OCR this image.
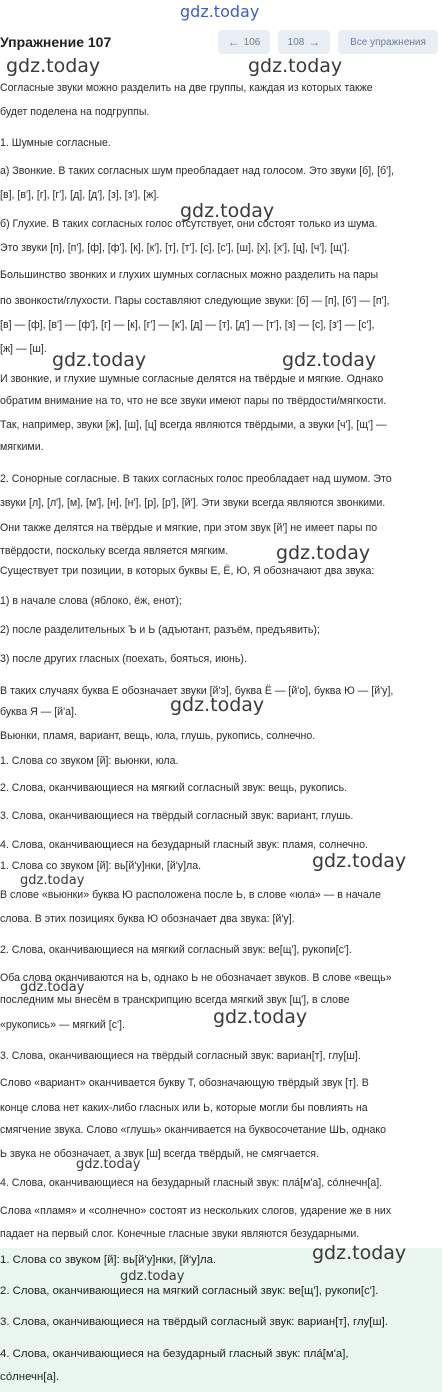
gdz.today
gdz.today	gdz.today
gdz.today
gdz.today	gdz.today
gdz.today
gdz.today
gdz.today
gdz.today
gdz.today
gdz.today
gdz.today
gdz.today
gdz.today
Упражнение 107	← 106	108 →	Все упражнения
Согласные звуки можно разделить на две группы, каждая из которых также
будет поделена на подгруппы.
1. Шумные согласные.
а) Звонкие. В таких согласных шум преобладает над голосом. Это звуки [б], [б'],
[в], [в'], [г], [г'], [д], [д'], [з], [з'], [ж].
б) Глухие. В таких согласных голос отсутствует, они состоят только из шума.
Это звуки [п], [п'], [ф], [ф'], [к], [к'], [т], [т'], [с], [с'], [ш], [х], [х'], [ц], [ч'], [щ'].
Большинство звонких и глухих шумных согласных можно разделить на пары
по звонкости/глухости. Пары составляют следующие звуки: [б] — [п], [б'] — [п'],
[в] — [ф], [в'] — [ф'], [г] — [к], [г'] — [к'], [д] — [т], [д'] — [т'], [з] — [с], [з'] — [с'],
[ж] — [ш].
И звонкие, и глухие шумные согласные делятся на твёрдые и мягкие. Однако
обратим внимание на то, что не все звуки имеют пары по твёрдости/мягкости.
Так, например, звуки [ж], [ш], [ц] всегда являются твёрдыми, а звуки [ч'], [щ'] —
мягкими.
2. Сонорные согласные. В таких согласных голос преобладает над шумом. Это
звуки [л], [л'], [м], [м'], [н], [н'], [р], [р'], [й']. Эти звуки всегда являются звонкими.
Они также делятся на твёрдые и мягкие, при этом звук [й'] не имеет пары по
твёрдости, поскольку всегда является мягким.
Существует три позиции, в которых буквы Е, Ё, Ю, Я обозначают два звука:
1) в начале слова (яблоко, ёж, енот);
2) после разделительных Ъ и Ь (адъютант, разъём, предъявить);
3) после других гласных (поехать, бояться, июнь).
В таких случаях буква Е обозначает звуки [й'э], буква Ё — [й'о], буква Ю — [й'у],
буква Я — [й'а].
Вьюнки, пламя, вариант, вещь, юла, глушь, рукопись, солнечно.
1. Слова со звуком [й]: вьюнки, юла.
2. Слова, оканчивающиеся на мягкий согласный звук: вещь, рукопись.
3. Слова, оканчивающиеся на твёрдый согласный звук: вариант, глушь.
4. Слова, оканчивающиеся на безударный гласный звук: пламя, солнечно.
1. Слова со звуком [й]: вь[й'у]нки, [й'у]ла.
В слове «вьюнки» буква Ю расположена после Ь, в слове «юла» — в начале
слова. В этих позициях буква Ю обозначает два звука: [й'у].
2. Слова, оканчивающиеся на мягкий согласный звук: ве[щ'], рукопи[с'].
Оба слова оканчиваются на Ь, однако Ь не обозначает звуков. В слове «вещь»
последним мы внесём в транскрипцию всегда мягкий звук [щ'], в слове
«рукопись» — мягкий [с'].
3. Слова, оканчивающиеся на твёрдый согласный звук: вариан[т], глу[ш].
Слово «вариант» оканчивается букву Т, обозначающую твёрдый звук [т]. В
конце слова нет каких-либо гласных или Ь, которые могли бы повлиять на
смягчение звука. Слово «глушь» оканчивается на буквосочетание ШЬ, однако
Ь звука не обозначает, а звук [ш] всегда твёрдый, не смягчается.
4. Слова, оканчивающиеся на безударный гласный звук: пла́[м'а], со́лнечн[а].
Слова «пламя» и «солнечно» состоят из нескольких слогов, ударение же в них
падает на первый слог. Конечные гласные звуки являются безударными.
1. Слова со звуком [й]: вь[й'у]нки, [й'у]ла.
2. Слова, оканчивающиеся на мягкий согласный звук: ве[щ'], рукопи[с'].
3. Слова, оканчивающиеся на твёрдый согласный звук: вариан[т], глу[ш].
4. Слова, оканчивающиеся на безударный гласный звук: пла́[м'а],
со́лнечн[а].
